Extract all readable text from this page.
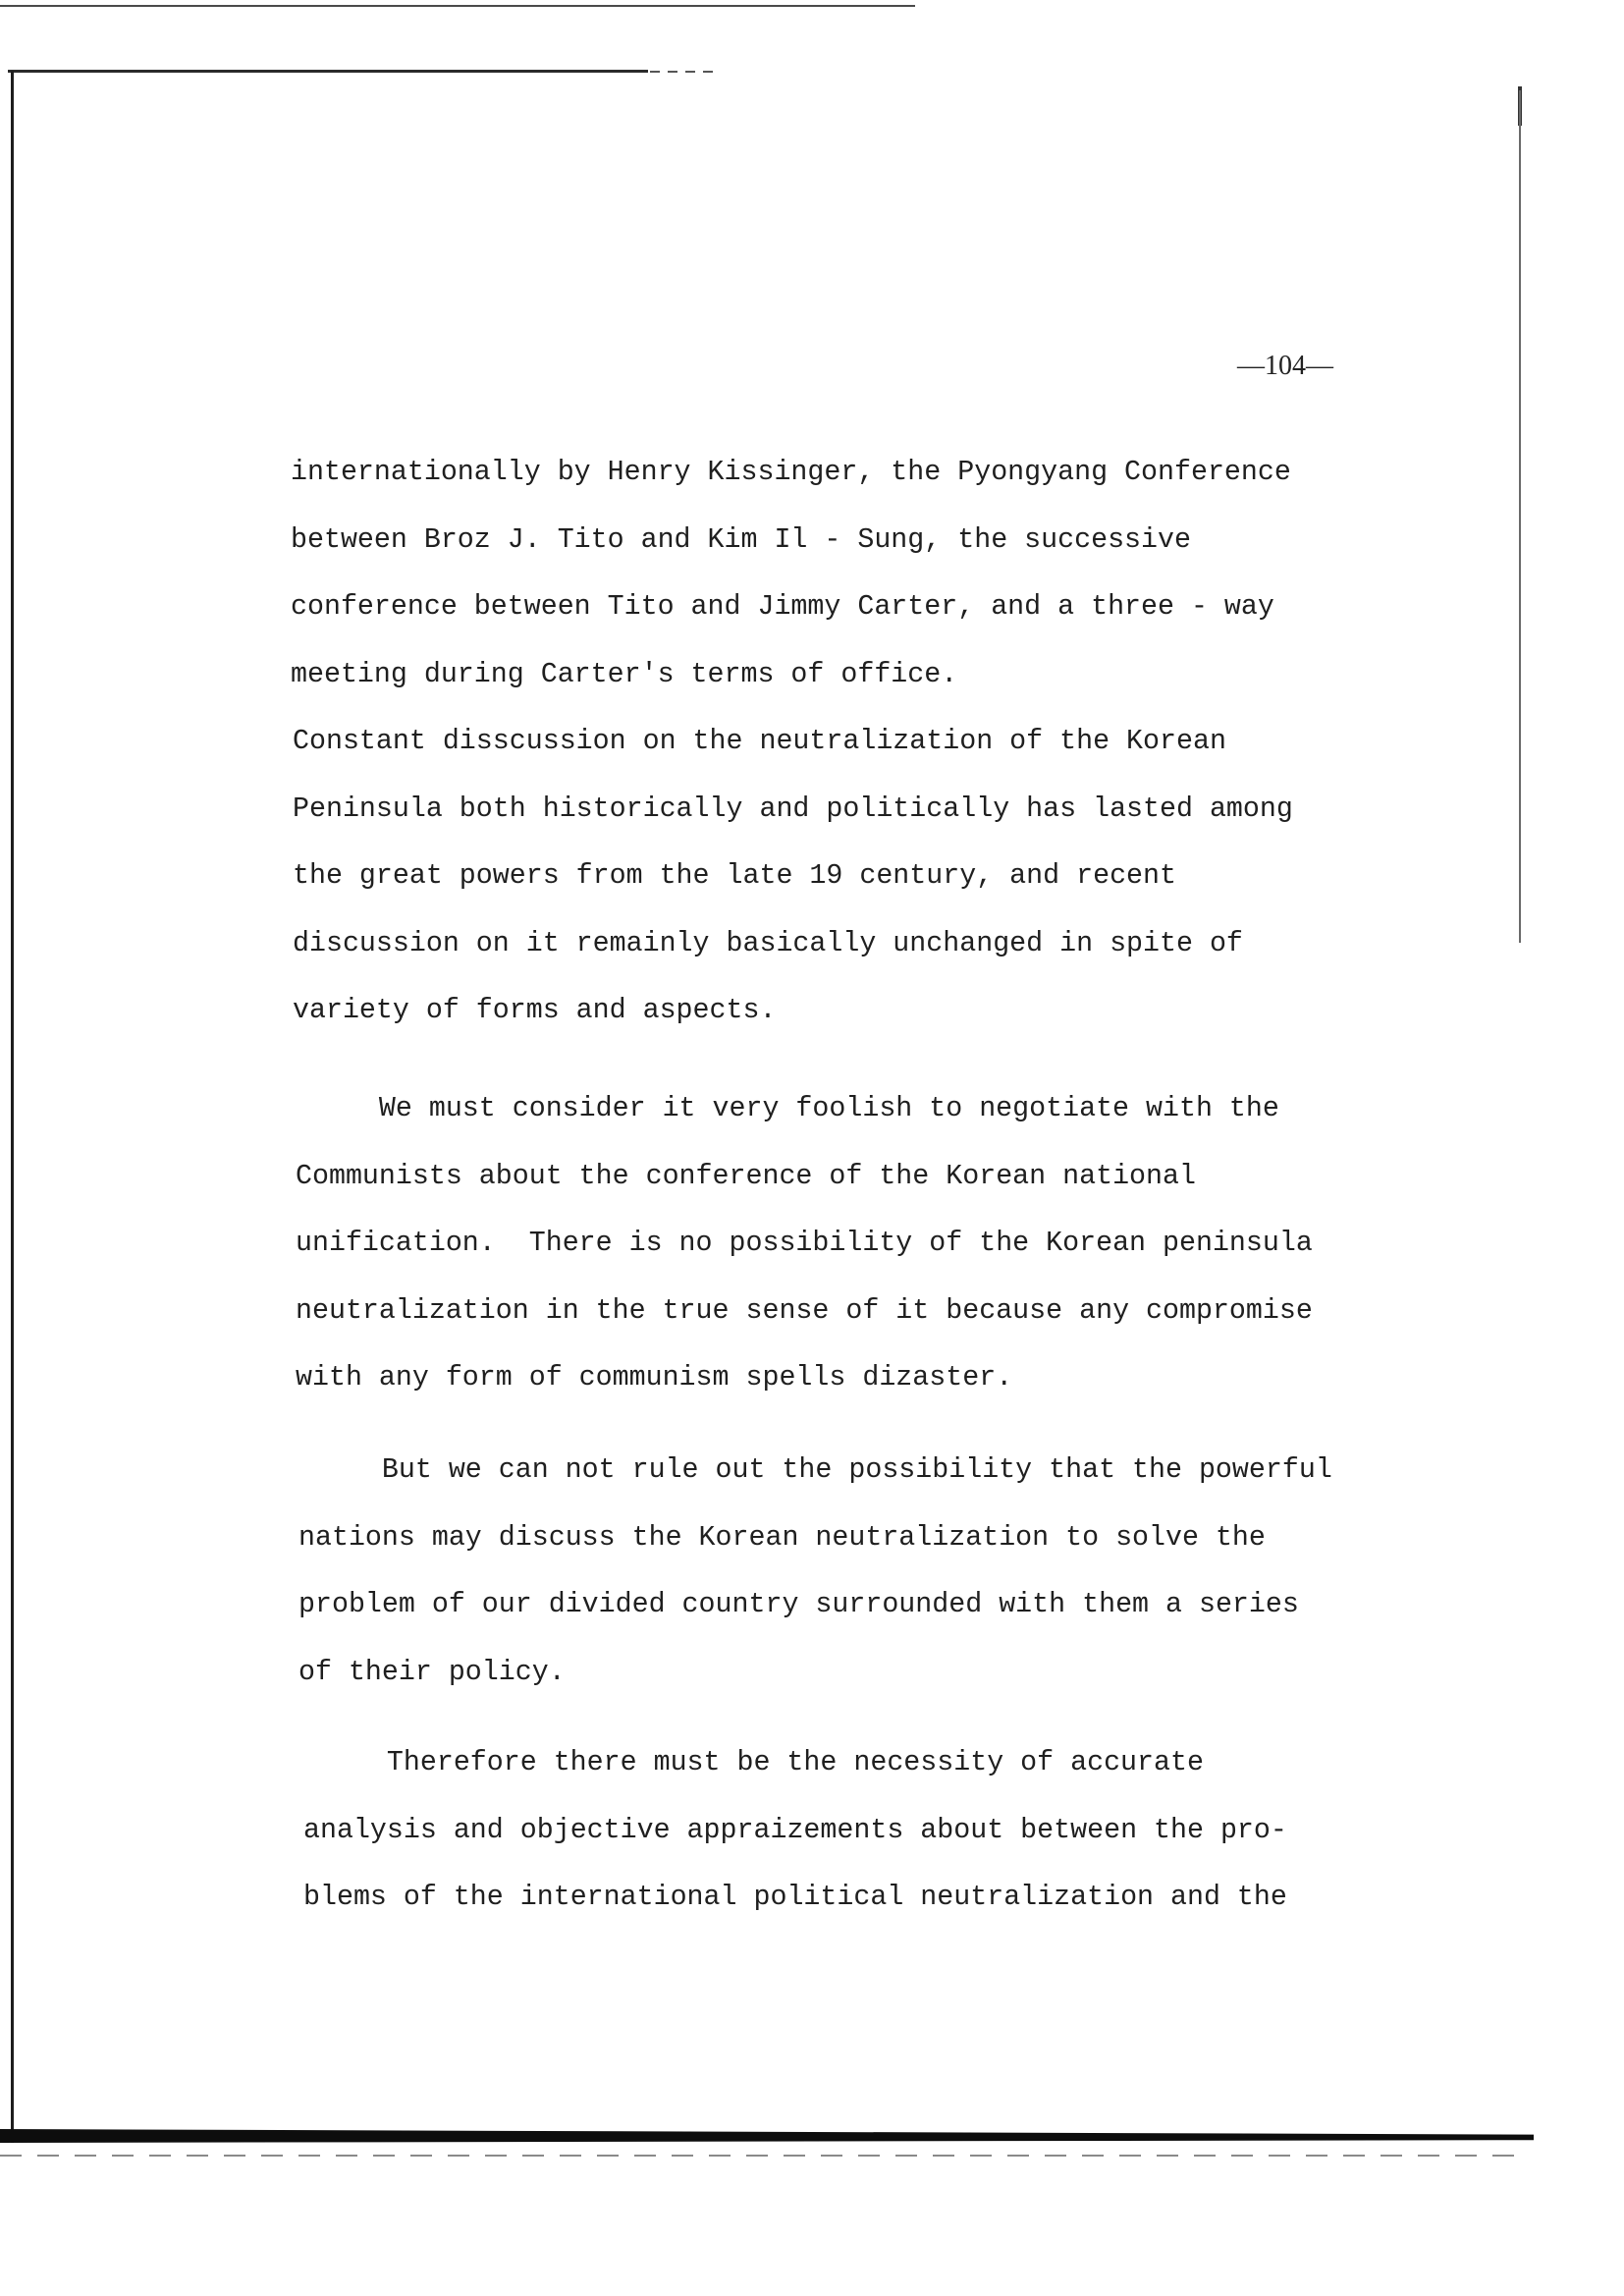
—104—
internationally by Henry Kissinger, the Pyongyang Conference
between Broz J. Tito and Kim Il - Sung, the successive
conference between Tito and Jimmy Carter, and a three - way
meeting during Carter's terms of office.
Constant disscussion on the neutralization of the Korean
Peninsula both historically and politically has lasted among
the great powers from the late 19 century, and recent
discussion on it remainly basically unchanged in spite of
variety of forms and aspects.
We must consider it very foolish to negotiate with the
Communists about the conference of the Korean national
unification.  There is no possibility of the Korean peninsula
neutralization in the true sense of it because any compromise
with any form of communism spells dizaster.
But we can not rule out the possibility that the powerful
nations may discuss the Korean neutralization to solve the
problem of our divided country surrounded with them a series
of their policy.
Therefore there must be the necessity of accurate
analysis and objective appraizements about between the pro-
blems of the international political neutralization and the
